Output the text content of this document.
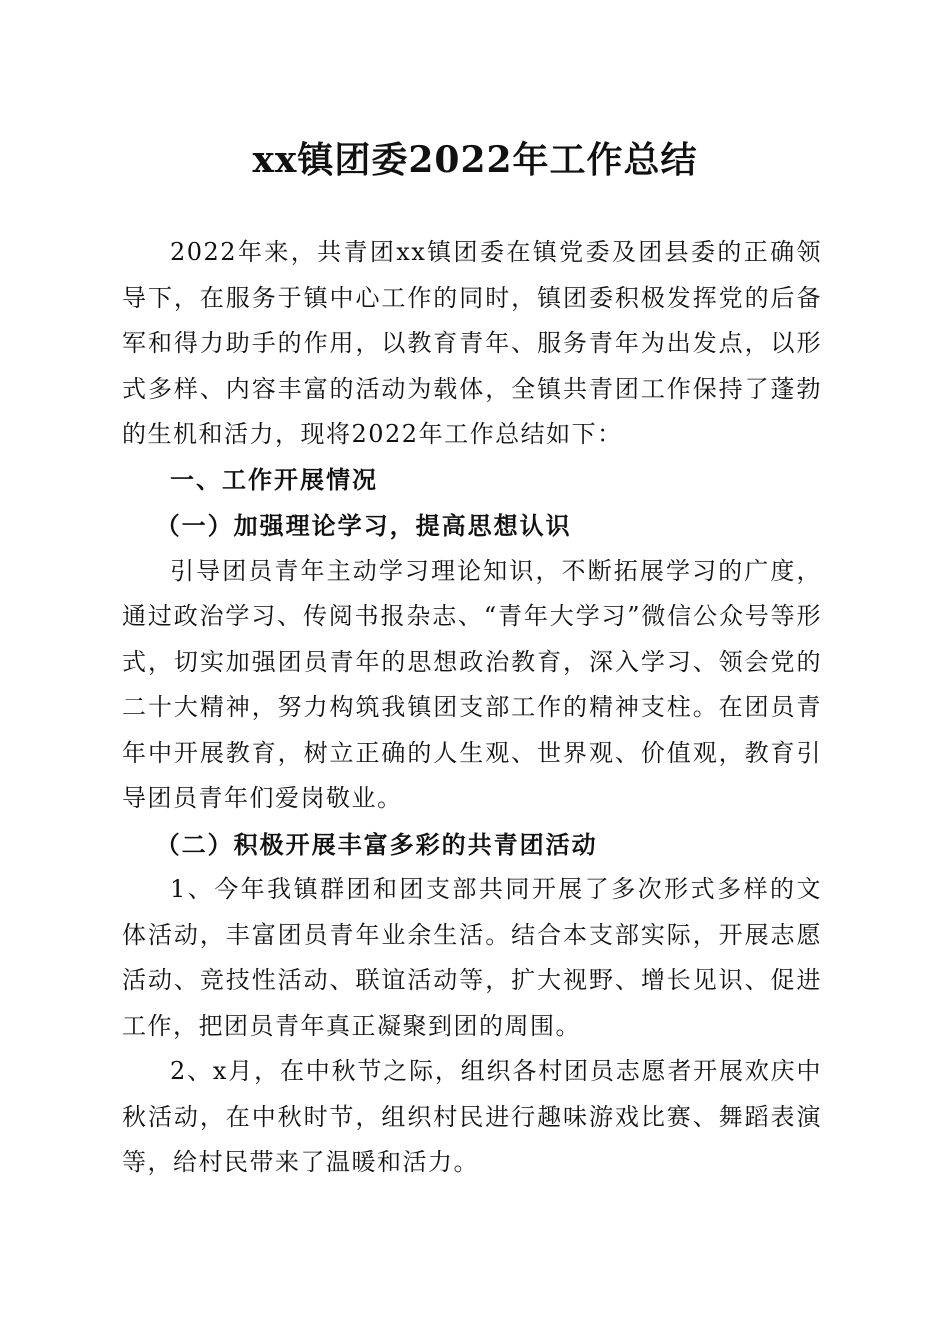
xx镇团委2022年工作总结

2022年来，共青团xx镇团委在镇党委及团县委的正确领导下，在服务于镇中心工作的同时，镇团委积极发挥党的后备军和得力助手的作用，以教育青年、服务青年为出发点，以形式多样、内容丰富的活动为载体，全镇共青团工作保持了蓬勃的生机和活力，现将2022年工作总结如下：

一、工作开展情况
（一）加强理论学习，提高思想认识

引导团员青年主动学习理论知识，不断拓展学习的广度，通过政治学习、传阅书报杂志、“青年大学习”微信公众号等形式，切实加强团员青年的思想政治教育，深入学习、领会党的二十大精神，努力构筑我镇团支部工作的精神支柱。在团员青年中开展教育，树立正确的人生观、世界观、价值观，教育引导团员青年们爱岗敬业。

（二）积极开展丰富多彩的共青团活动

1、今年我镇群团和团支部共同开展了多次形式多样的文体活动，丰富团员青年业余生活。结合本支部实际，开展志愿活动、竞技性活动、联谊活动等，扩大视野、增长见识、促进工作，把团员青年真正凝聚到团的周围。

2、x月，在中秋节之际，组织各村团员志愿者开展欢庆中秋活动，在中秋时节，组织村民进行趣味游戏比赛、舞蹈表演等，给村民带来了温暖和活力。
